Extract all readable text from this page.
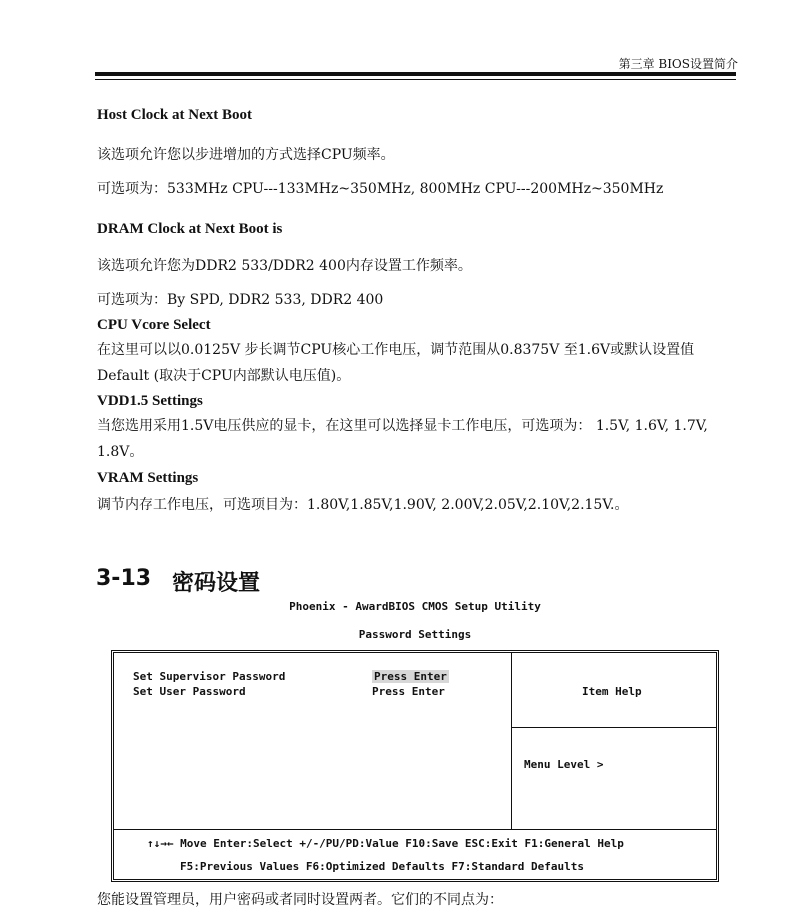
第三章 BIOS设置简介
Host Clock at Next Boot
该选项允许您以步进增加的方式选择CPU频率。
可选项为：533MHz CPU---133MHz~350MHz, 800MHz CPU---200MHz~350MHz
DRAM Clock at Next Boot is
该选项允许您为DDR2 533/DDR2 400内存设置工作频率。
可选项为：By SPD, DDR2 533, DDR2 400
CPU Vcore Select
在这里可以以0.0125V 步长调节CPU核心工作电压，调节范围从0.8375V 至1.6V或默认设置值Default (取决于CPU内部默认电压值)。
VDD1.5 Settings
当您选用采用1.5V电压供应的显卡，在这里可以选择显卡工作电压，可选项为： 1.5V, 1.6V, 1.7V, 1.8V。
VRAM Settings
调节内存工作电压，可选项目为：1.80V,1.85V,1.90V, 2.00V,2.05V,2.10V,2.15V.。
3-13 密码设置
Phoenix - AwardBIOS CMOS Setup Utility
Password Settings
Set Supervisor Password	Press Enter
Set User Password	Press Enter	Item Help
Menu Level >
↑↓→← Move Enter:Select +/-/PU/PD:Value F10:Save ESC:Exit F1:General Help
F5:Previous Values F6:Optimized Defaults F7:Standard Defaults
您能设置管理员，用户密码或者同时设置两者。它们的不同点为：
